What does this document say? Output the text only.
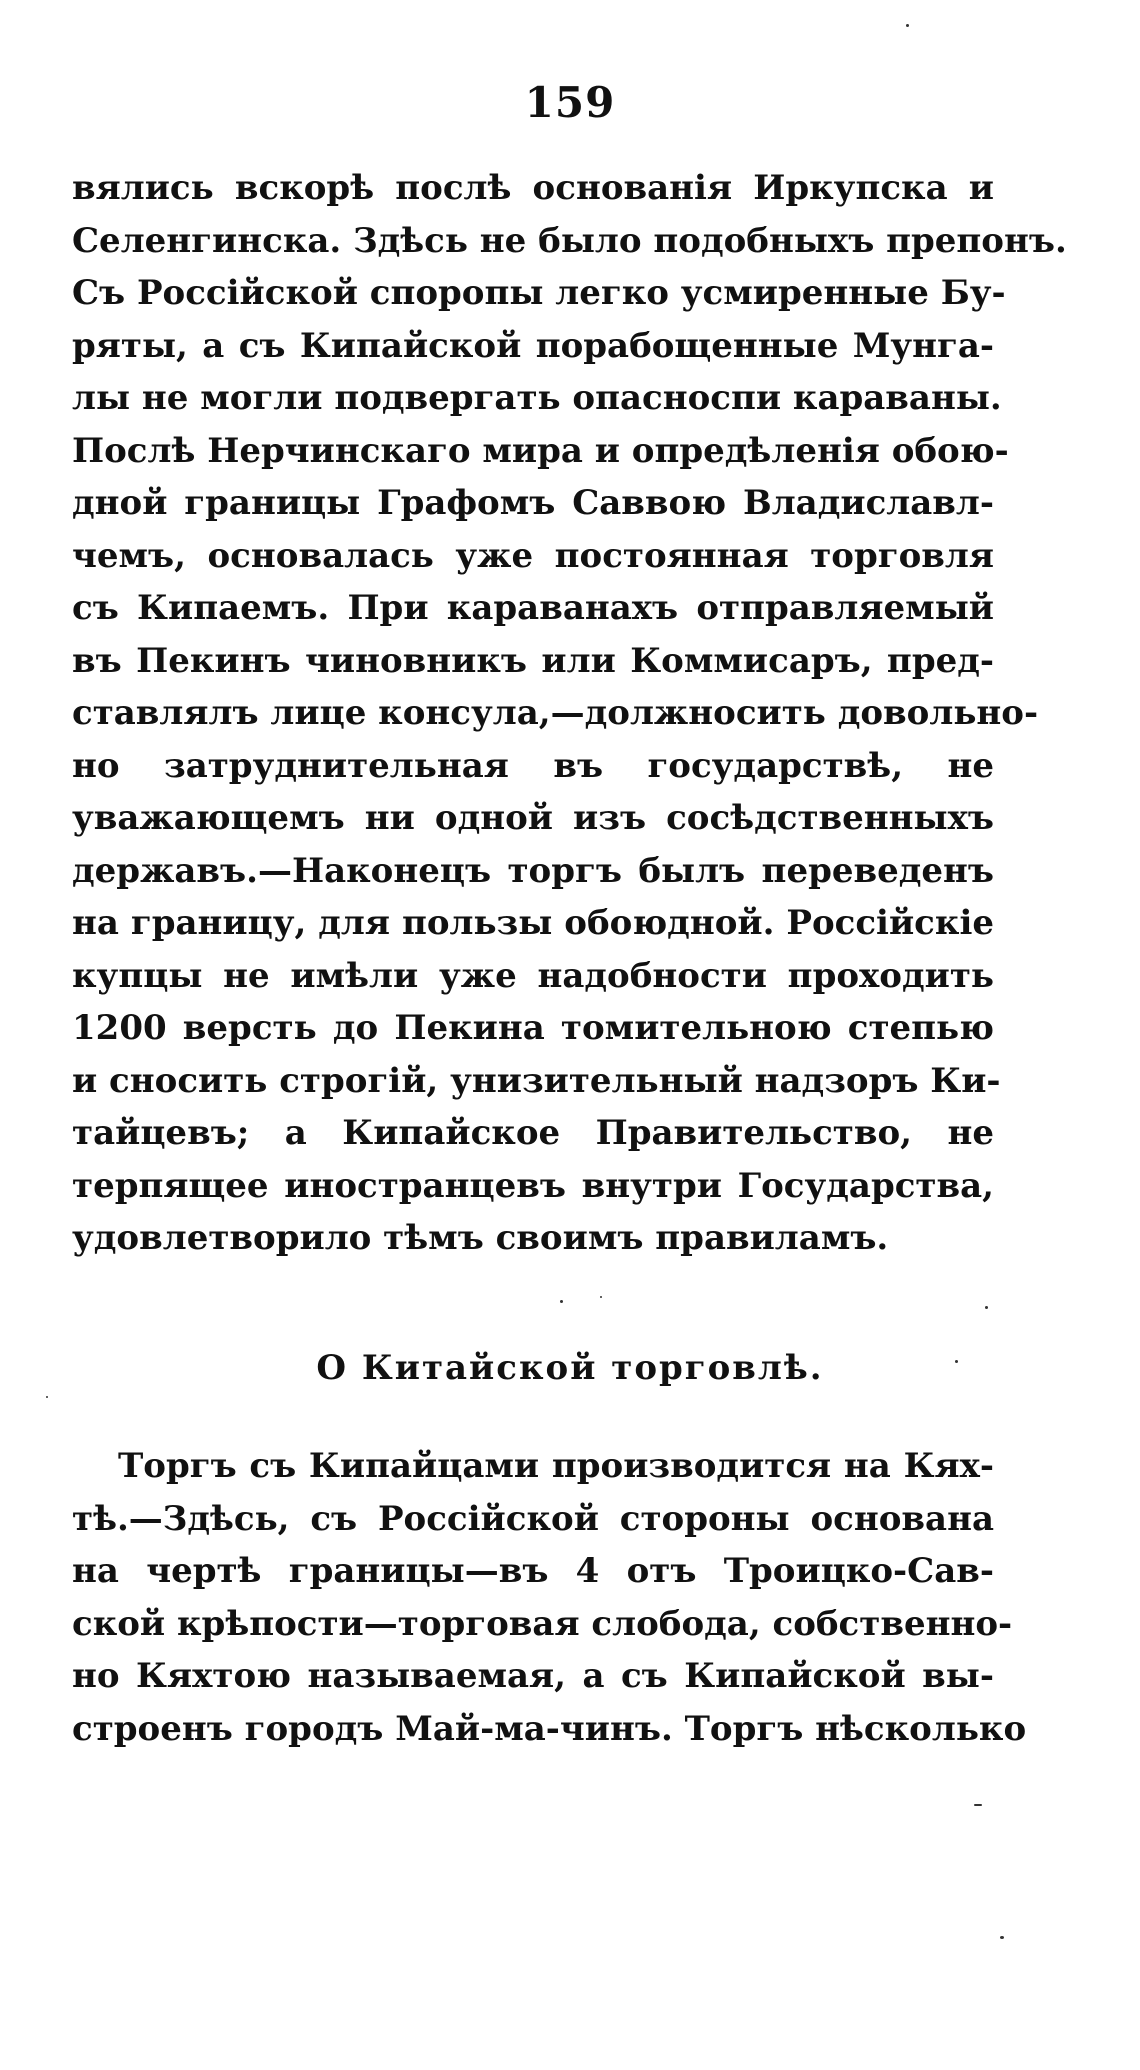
159
вялись вскорѣ послѣ основанія Иркупска и
Селенгинска. Здѣсь не было подобныхъ препонъ.
Съ Россійской споропы легко усмиренные Бу-
ряты, а съ Кипайской порабощенные Мунга-
лы не могли подвергать опасноспи караваны.
Послѣ Нерчинскаго мира и опредѣленія обою-
дной границы Графомъ Саввою Владиславл-
чемъ, основалась уже постоянная торговля
съ Кипаемъ. При караванахъ отправляемый
въ Пекинъ чиновникъ или Коммисаръ, пред-
ставлялъ лице консула,—должносить довольно-
но затруднительная въ государствѣ, не
уважающемъ ни одной изъ сосѣдственныхъ
державъ.—Наконецъ торгъ былъ переведенъ
на границу, для пользы обоюдной. Россійскіе
купцы не имѣли уже надобности проходить
1200 версть до Пекина томительною степью
и сносить строгій, унизительный надзоръ Ки-
тайцевъ; а Кипайское Правительство, не
терпящее иностранцевъ внутри Государства,
удовлетворило тѣмъ своимъ правиламъ.
О Китайской торговлѣ.
Торгъ съ Кипайцами производится на Кях-
тѣ.—Здѣсь, съ Россійской стороны основана
на чертѣ границы—въ 4 отъ Троицко-Сав-
ской крѣпости—торговая слобода, собственно-
но Кяхтою называемая, а съ Кипайской вы-
строенъ городъ Май-ма-чинъ. Торгъ нѣсколько
